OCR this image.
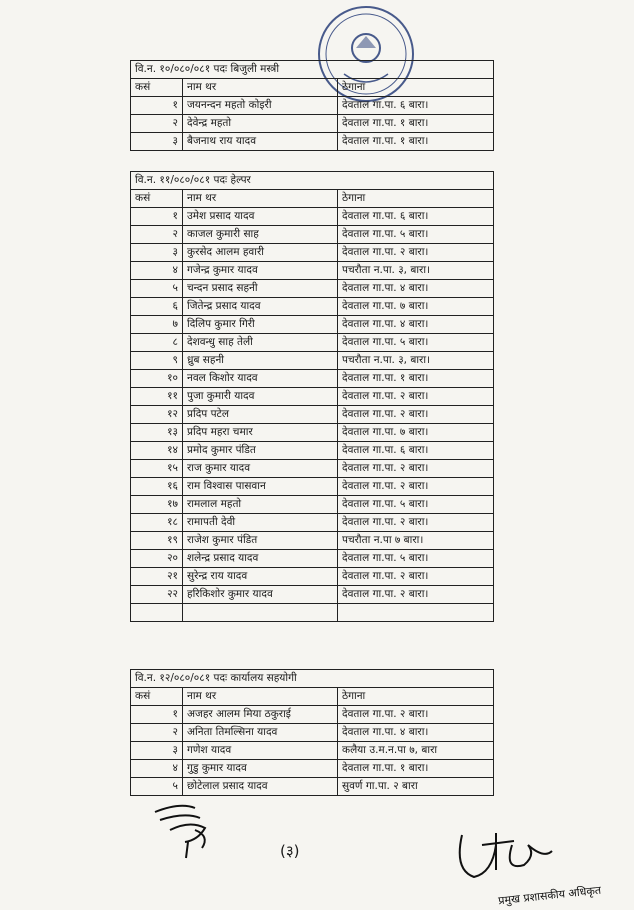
वि.न. १०/०८०/०८१ पदः बिजुली मस्त्री		
कसं	नाम थर	ठेगाना
१	जयनन्दन महतो कोइरी	देवताल गा.पा. ६ बारा।
२	देवेन्द्र महतो	देवताल गा.पा. १ बारा।
३	बैजनाथ राय यादव	देवताल गा.पा. १ बारा।
वि.न. ११/०८०/०८१ पदः हेल्पर		
कसं	नाम थर	ठेगाना
१	उमेश प्रसाद यादव	देवताल गा.पा. ६ बारा।
२	काजल कुमारी साह	देवताल गा.पा. ५ बारा।
३	कुरसेद आलम हवारी	देवताल गा.पा. २ बारा।
४	गजेन्द्र कुमार यादव	पचरौता न.पा. ३, बारा।
५	चन्दन प्रसाद सहनी	देवताल गा.पा. ४ बारा।
६	जितेन्द्र प्रसाद यादव	देवताल गा.पा. ७ बारा।
७	दिलिप कुमार गिरी	देवताल गा.पा. ४ बारा।
८	देशवन्धु साह तेली	देवताल गा.पा. ५ बारा।
९	ध्रुब सहनी	पचरौता न.पा. ३, बारा।
१०	नवल किशोर यादव	देवताल गा.पा. १ बारा।
११	पुजा कुमारी यादव	देवताल गा.पा. २ बारा।
१२	प्रदिप पटेल	देवताल गा.पा. २ बारा।
१३	प्रदिप महरा चमार	देवताल गा.पा. ७ बारा।
१४	प्रमोद कुमार पंडित	देवताल गा.पा. ६ बारा।
१५	राज कुमार यादव	देवताल गा.पा. २ बारा।
१६	राम विश्वास पासवान	देवताल गा.पा. २ बारा।
१७	रामलाल महतो	देवताल गा.पा. ५ बारा।
१८	रामापती देवी	देवताल गा.पा. २ बारा।
१९	राजेश कुमार पंडित	पचरौता न.पा ७ बारा।
२०	शलेन्द्र प्रसाद यादव	देवताल गा.पा. ५ बारा।
२१	सुरेन्द्र राय यादव	देवताल गा.पा. २ बारा।
२२	हरिकिशोर कुमार यादव	देवताल गा.पा. २ बारा।

वि.न. १२/०८०/०८१ पदः कार्यालय सहयोगी		
कसं	नाम थर	ठेगाना
१	अजहर आलम मिया ठकुराई	देवताल गा.पा. २ बारा।
२	अनिता तिमल्सिना यादव	देवताल गा.पा. ४ बारा।
३	गणेश यादव	कलैया उ.म.न.पा ७, बारा
४	गुडु कुमार यादव	देवताल गा.पा. १ बारा।
५	छोटेलाल प्रसाद यादव	सुवर्ण गा.पा. २ बारा
(३)
प्रमुख प्रशासकीय अधिकृत
